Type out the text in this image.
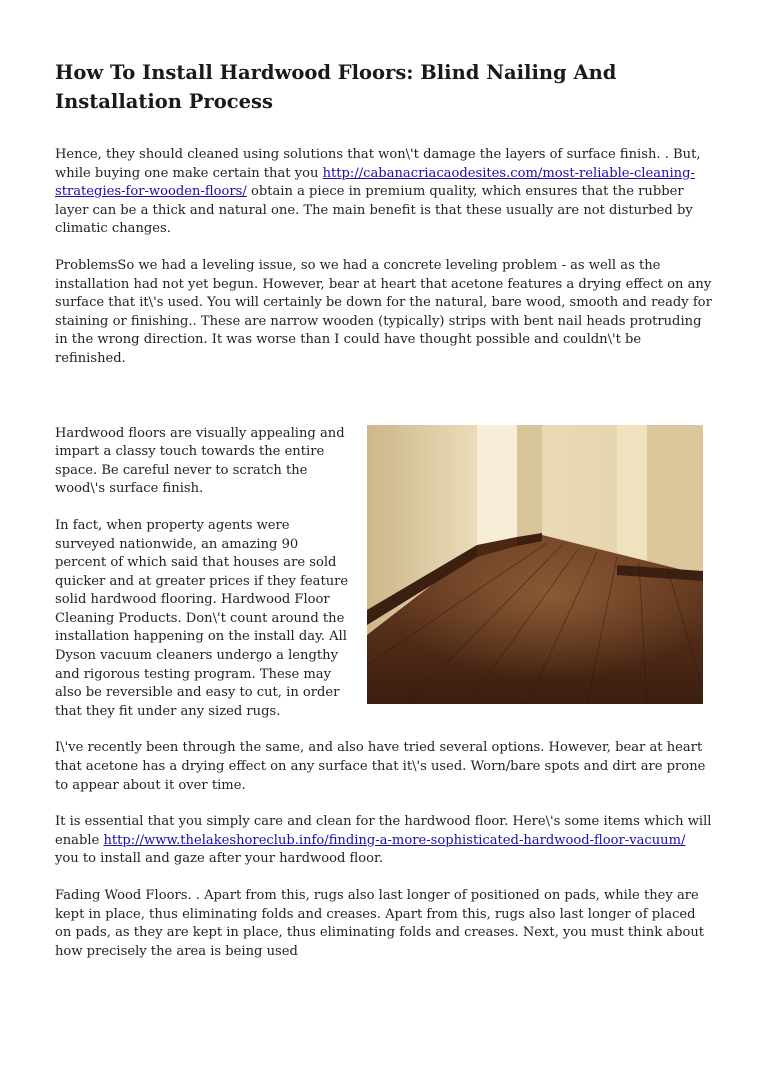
How To Install Hardwood Floors: Blind Nailing And Installation Process

Hence, they should cleaned using solutions that won\'t damage the layers of surface finish. . But, while buying one make certain that you http://cabanacriacaodesites.com/most-reliable-cleaning-strategies-for-wooden-floors/ obtain a piece in premium quality, which ensures that the rubber layer can be a thick and natural one. The main benefit is that these usually are not disturbed by climatic changes.

ProblemsSo we had a leveling issue, so we had a concrete leveling problem - as well as the installation had not yet begun. However, bear at heart that acetone features a drying effect on any surface that it\'s used. You will certainly be down for the natural, bare wood, smooth and ready for staining or finishing.. These are narrow wooden (typically) strips with bent nail heads protruding in the wrong direction. It was worse than I could have thought possible and couldn\'t be refinished.

Hardwood floors are visually appealing and impart a classy touch towards the entire space. Be careful never to scratch the wood\'s surface finish.

In fact, when property agents were surveyed nationwide, an amazing 90 percent of which said that houses are sold quicker and at greater prices if they feature solid hardwood flooring. Hardwood Floor Cleaning Products. Don\'t count around the installation happening on the install day. All Dyson vacuum cleaners undergo a lengthy and rigorous testing program. These may also be reversible and easy to cut, in order that they fit under any sized rugs.

I\'ve recently been through the same, and also have tried several options. However, bear at heart that acetone has a drying effect on any surface that it\'s used. Worn/bare spots and dirt are prone to appear about it over time.

It is essential that you simply care and clean for the hardwood floor. Here\'s some items which will enable http://www.thelakeshoreclub.info/finding-a-more-sophisticated-hardwood-floor-vacuum/ you to install and gaze after your hardwood floor.

Fading Wood Floors. . Apart from this, rugs also last longer of positioned on pads, while they are kept in place, thus eliminating folds and creases. Apart from this, rugs also last longer of placed on pads, as they are kept in place, thus eliminating folds and creases. Next, you must think about how precisely the area is being used
